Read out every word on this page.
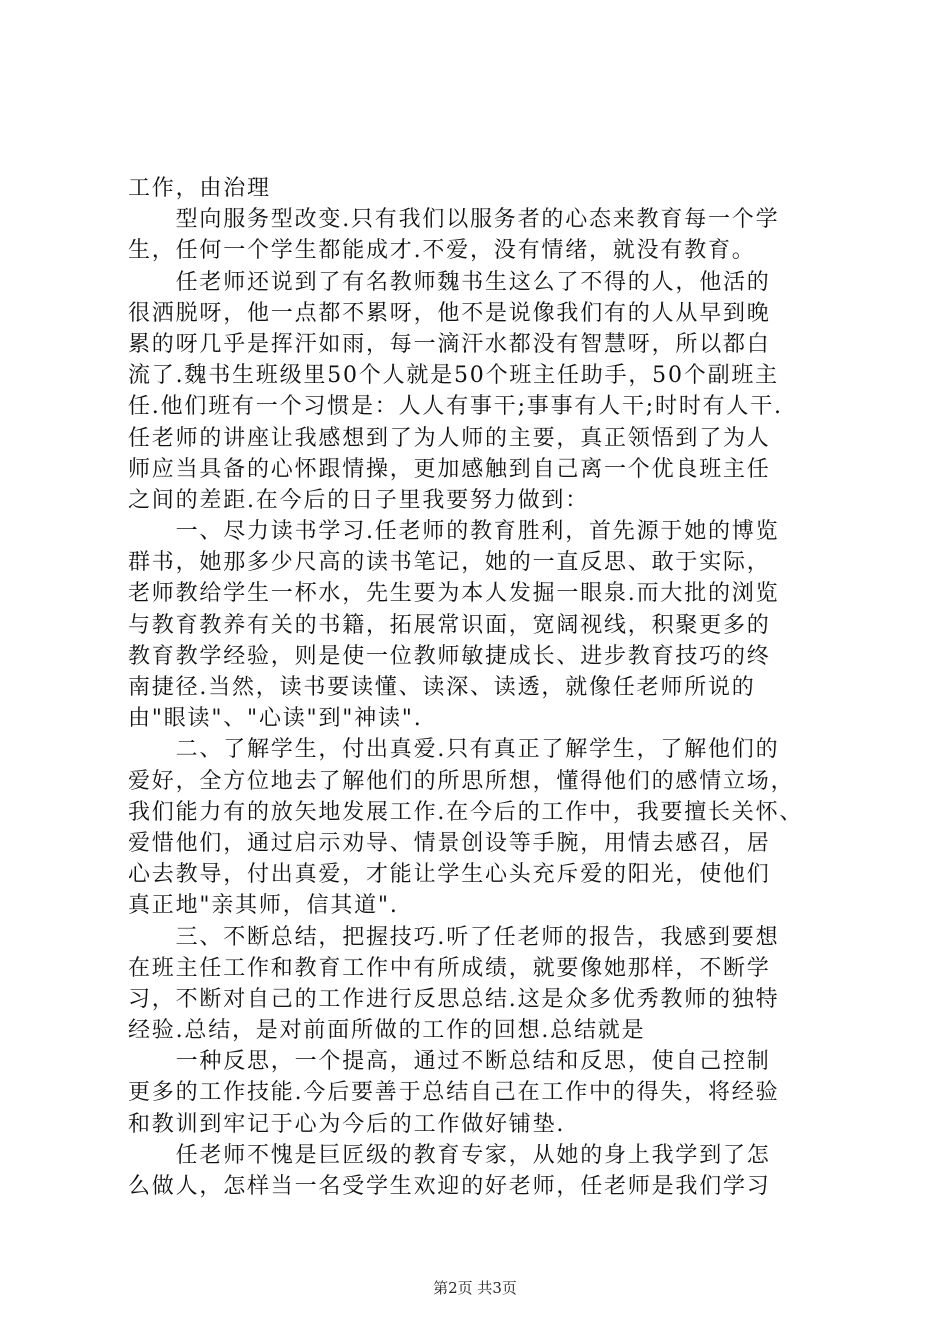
工作，由治理
　　型向服务型改变.只有我们以服务者的心态来教育每一个学
生，任何一个学生都能成才.不爱，没有情绪，就没有教育。
　　任老师还说到了有名教师魏书生这么了不得的人，他活的
很洒脱呀，他一点都不累呀，他不是说像我们有的人从早到晚
累的呀几乎是挥汗如雨，每一滴汗水都没有智慧呀，所以都白
流了.魏书生班级里50个人就是50个班主任助手，50个副班主
任.他们班有一个习惯是：人人有事干;事事有人干;时时有人干.
任老师的讲座让我感想到了为人师的主要，真正领悟到了为人
师应当具备的心怀跟情操，更加感触到自己离一个优良班主任
之间的差距.在今后的日子里我要努力做到：
　　一、尽力读书学习.任老师的教育胜利，首先源于她的博览
群书，她那多少尺高的读书笔记，她的一直反思、敢于实际，
老师教给学生一杯水，先生要为本人发掘一眼泉.而大批的浏览
与教育教养有关的书籍，拓展常识面，宽阔视线，积聚更多的
教育教学经验，则是使一位教师敏捷成长、进步教育技巧的终
南捷径.当然，读书要读懂、读深、读透，就像任老师所说的
由"眼读"、"心读"到"神读".
　　二、了解学生，付出真爱.只有真正了解学生，了解他们的
爱好，全方位地去了解他们的所思所想，懂得他们的感情立场，
我们能力有的放矢地发展工作.在今后的工作中，我要擅长关怀、
爱惜他们，通过启示劝导、情景创设等手腕，用情去感召，居
心去教导，付出真爱，才能让学生心头充斥爱的阳光，使他们
真正地"亲其师，信其道".
　　三、不断总结，把握技巧.听了任老师的报告，我感到要想
在班主任工作和教育工作中有所成绩，就要像她那样，不断学
习，不断对自己的工作进行反思总结.这是众多优秀教师的独特
经验.总结，是对前面所做的工作的回想.总结就是
　　一种反思，一个提高，通过不断总结和反思，使自己控制
更多的工作技能.今后要善于总结自己在工作中的得失，将经验
和教训到牢记于心为今后的工作做好铺垫.
　　任老师不愧是巨匠级的教育专家，从她的身上我学到了怎
么做人，怎样当一名受学生欢迎的好老师，任老师是我们学习
第2页 共3页
